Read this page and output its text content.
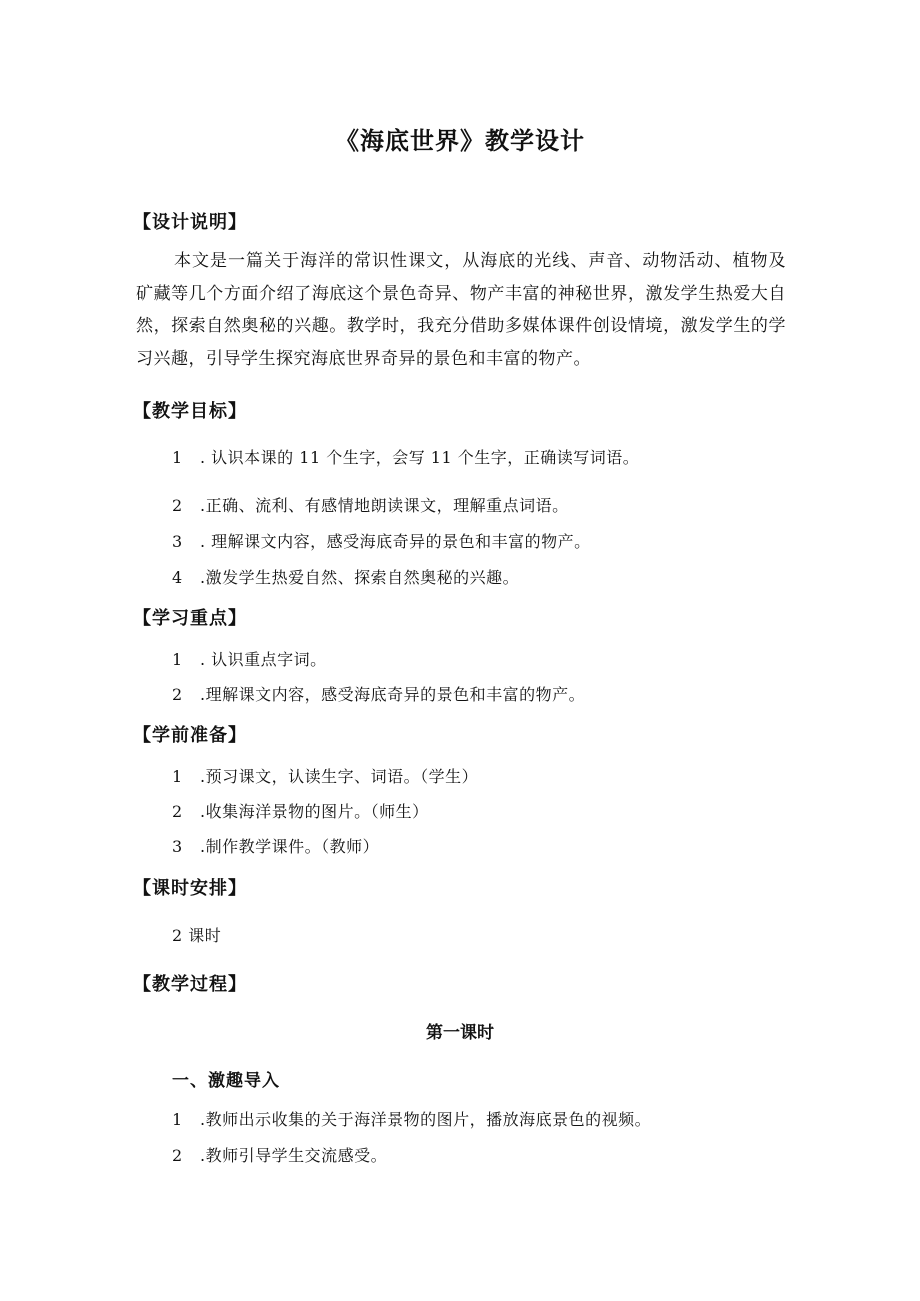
《海底世界》教学设计
【设计说明】
本文是一篇关于海洋的常识性课文，从海底的光线、声音、动物活动、植物及矿藏等几个方面介绍了海底这个景色奇异、物产丰富的神秘世界，激发学生热爱大自然，探索自然奥秘的兴趣。教学时，我充分借助多媒体课件创设情境，激发学生的学习兴趣，引导学生探究海底世界奇异的景色和丰富的物产。
【教学目标】
1 . 认识本课的 11 个生字，会写 11 个生字，正确读写词语。
2 .正确、流利、有感情地朗读课文，理解重点词语。
3 . 理解课文内容，感受海底奇异的景色和丰富的物产。
4 .激发学生热爱自然、探索自然奥秘的兴趣。
【学习重点】
1 . 认识重点字词。
2 .理解课文内容，感受海底奇异的景色和丰富的物产。
【学前准备】
1 .预习课文，认读生字、词语。（学生）
2 .收集海洋景物的图片。（师生）
3 .制作教学课件。（教师）
【课时安排】
2 课时
【教学过程】
第一课时
一、激趣导入
1 .教师出示收集的关于海洋景物的图片，播放海底景色的视频。
2 .教师引导学生交流感受。
